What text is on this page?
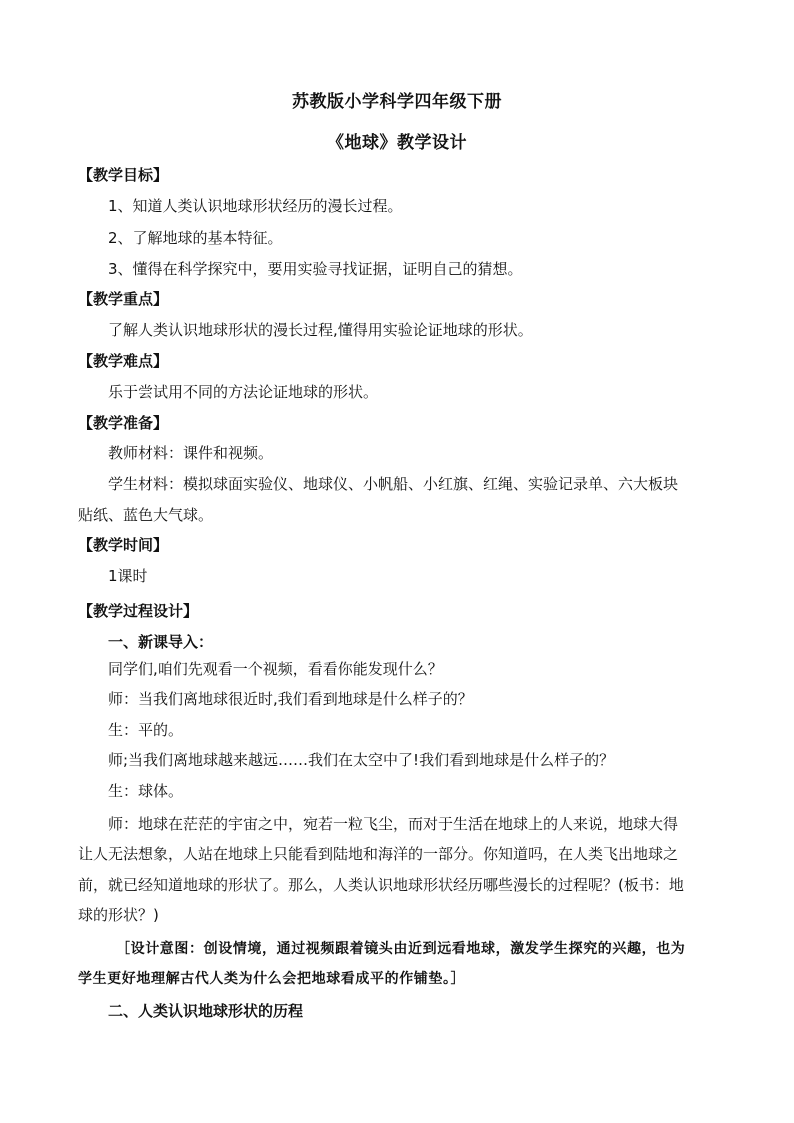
苏教版小学科学四年级下册
《地球》教学设计
【教学目标】
1、知道人类认识地球形状经历的漫长过程。
2、了解地球的基本特征。
3、懂得在科学探究中，要用实验寻找证据，证明自己的猜想。
【教学重点】
了解人类认识地球形状的漫长过程,懂得用实验论证地球的形状。
【教学难点】
乐于尝试用不同的方法论证地球的形状。
【教学准备】
教师材料：课件和视频。
学生材料：模拟球面实验仪、地球仪、小帆船、小红旗、红绳、实验记录单、六大板块
贴纸、蓝色大气球。
【教学时间】
1课时
【教学过程设计】
一、新课导入：
同学们,咱们先观看一个视频，看看你能发现什么？
师：当我们离地球很近时,我们看到地球是什么样子的？
生：平的。
师;当我们离地球越来越远……我们在太空中了!我们看到地球是什么样子的？
生：球体。
师：地球在茫茫的宇宙之中，宛若一粒飞尘，而对于生活在地球上的人来说，地球大得
让人无法想象，人站在地球上只能看到陆地和海洋的一部分。你知道吗，在人类飞出地球之
前，就已经知道地球的形状了。那么，人类认识地球形状经历哪些漫长的过程呢？(板书：地
球的形状？)
［设计意图：创设情境，通过视频跟着镜头由近到远看地球，激发学生探究的兴趣，也为
学生更好地理解古代人类为什么会把地球看成平的作铺垫。］
二、人类认识地球形状的历程
